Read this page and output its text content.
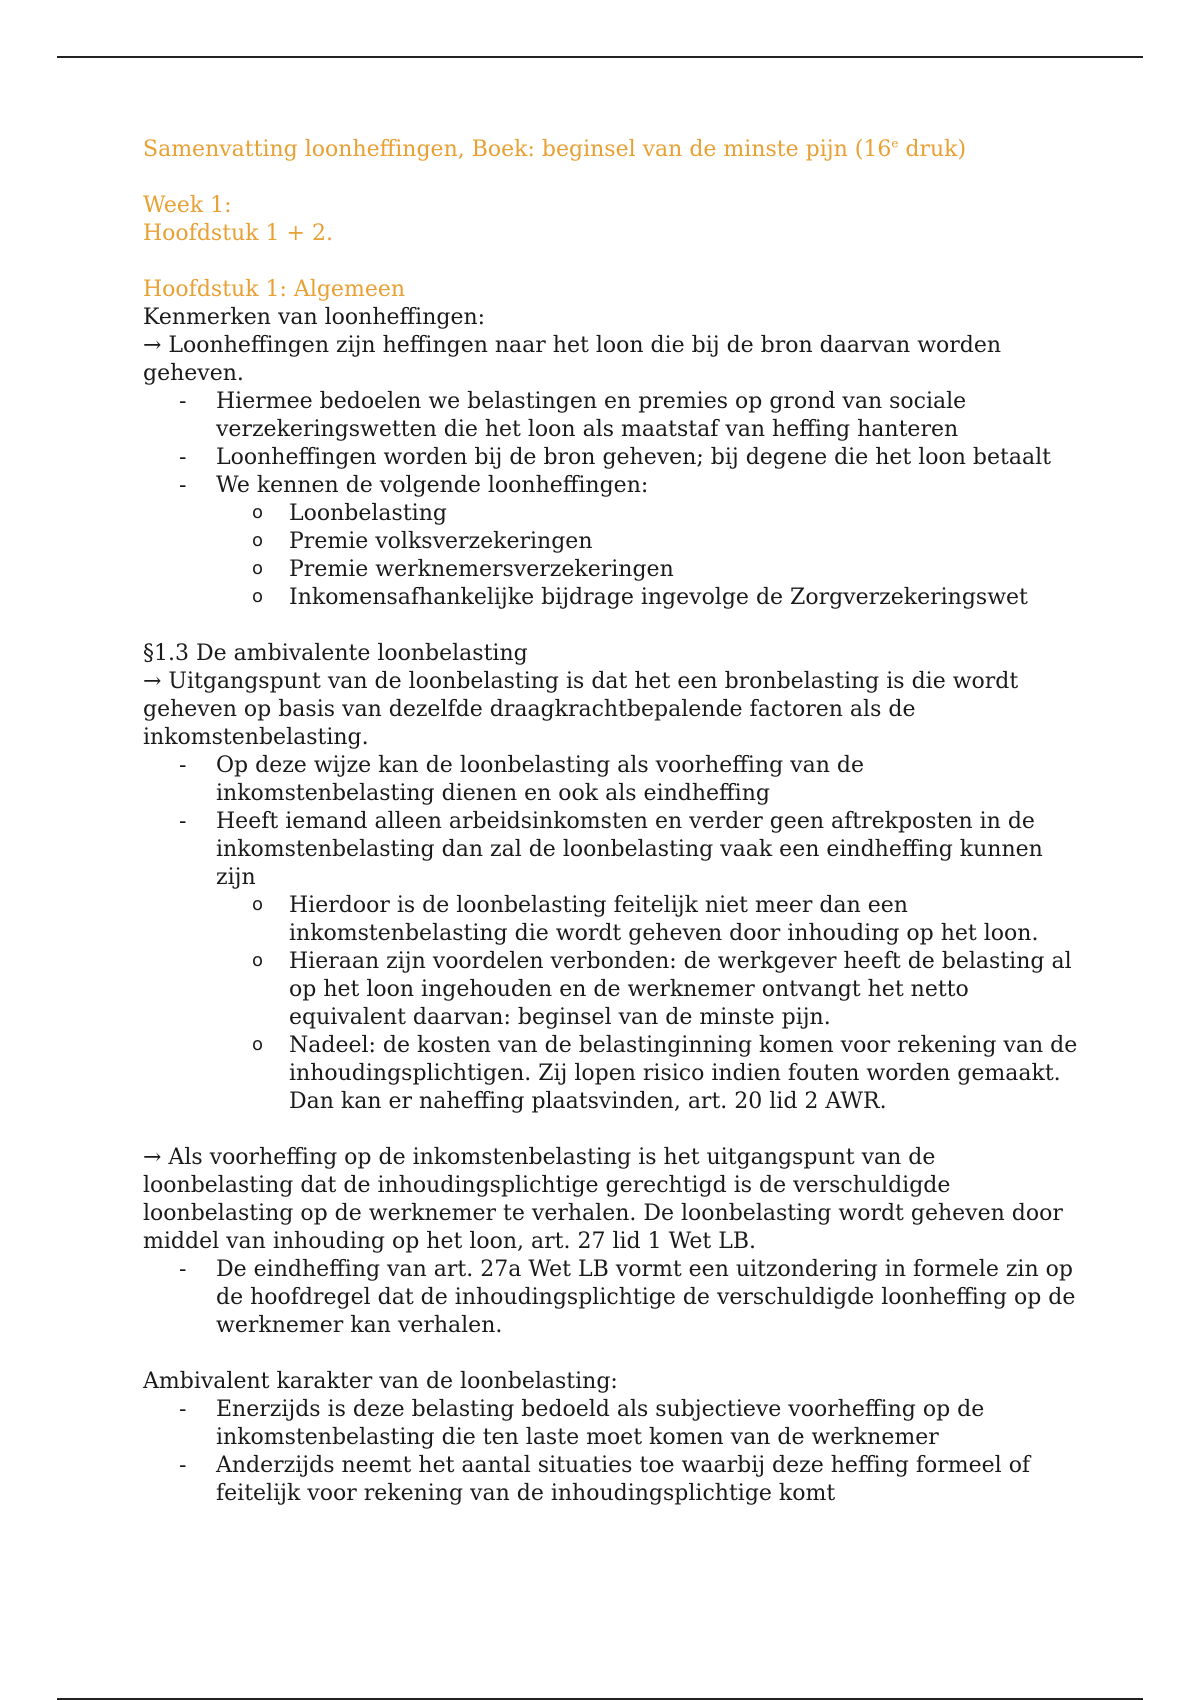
Samenvatting loonheffingen, Boek: beginsel van de minste pijn (16e druk)

Week 1:

Hoofdstuk 1 + 2.

Hoofdstuk 1: Algemeen

Kenmerken van loonheffingen:

→ Loonheffingen zijn heffingen naar het loon die bij de bron daarvan worden geheven.

- Hiermee bedoelen we belastingen en premies op grond van sociale verzekeringswetten die het loon als maatstaf van heffing hanteren
- Loonheffingen worden bij de bron geheven; bij degene die het loon betaalt
- We kennen de volgende loonheffingen:
o Loonbelasting
o Premie volksverzekeringen
o Premie werknemersverzekeringen
o Inkomensafhankelijke bijdrage ingevolge de Zorgverzekeringswet

§1.3 De ambivalente loonbelasting

→ Uitgangspunt van de loonbelasting is dat het een bronbelasting is die wordt geheven op basis van dezelfde draagkrachtbepalende factoren als de inkomstenbelasting.

- Op deze wijze kan de loonbelasting als voorheffing van de inkomstenbelasting dienen en ook als eindheffing
- Heeft iemand alleen arbeidsinkomsten en verder geen aftrekposten in de inkomstenbelasting dan zal de loonbelasting vaak een eindheffing kunnen zijn
o Hierdoor is de loonbelasting feitelijk niet meer dan een inkomstenbelasting die wordt geheven door inhouding op het loon.
o Hieraan zijn voordelen verbonden: de werkgever heeft de belasting al op het loon ingehouden en de werknemer ontvangt het netto equivalent daarvan: beginsel van de minste pijn.
o Nadeel: de kosten van de belastinginning komen voor rekening van de inhoudingsplichtigen. Zij lopen risico indien fouten worden gemaakt. Dan kan er naheffing plaatsvinden, art. 20 lid 2 AWR.

→ Als voorheffing op de inkomstenbelasting is het uitgangspunt van de loonbelasting dat de inhoudingsplichtige gerechtigd is de verschuldigde loonbelasting op de werknemer te verhalen. De loonbelasting wordt geheven door middel van inhouding op het loon, art. 27 lid 1 Wet LB.

- De eindheffing van art. 27a Wet LB vormt een uitzondering in formele zin op de hoofdregel dat de inhoudingsplichtige de verschuldigde loonheffing op de werknemer kan verhalen.

Ambivalent karakter van de loonbelasting:

- Enerzijds is deze belasting bedoeld als subjectieve voorheffing op de inkomstenbelasting die ten laste moet komen van de werknemer
- Anderzijds neemt het aantal situaties toe waarbij deze heffing formeel of feitelijk voor rekening van de inhoudingsplichtige komt
